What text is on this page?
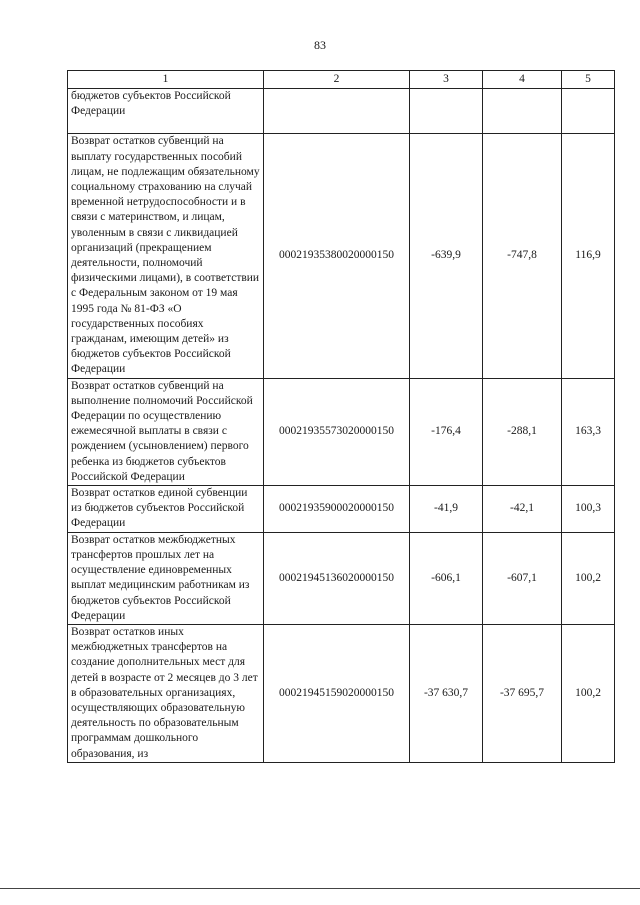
83
1	2	3	4	5
бюджетов субъектов Российской Федерации				
Возврат остатков субвенций на выплату государственных пособий лицам, не подлежащим обязательному социальному страхованию на случай временной нетрудоспособности и в связи с материнством, и лицам, уволенным в связи с ликвидацией организаций (прекращением деятельности, полномочий физическими лицами), в соответствии с Федеральным законом от 19 мая 1995 года № 81-ФЗ «О государственных пособиях гражданам, имеющим детей» из бюджетов субъектов Российской Федерации	00021935380020000150	-639,9	-747,8	116,9
Возврат остатков субвенций на выполнение полномочий Российской Федерации по осуществлению ежемесячной выплаты в связи с рождением (усыновлением) первого ребенка из бюджетов субъектов Российской Федерации	00021935573020000150	-176,4	-288,1	163,3
Возврат остатков единой субвенции из бюджетов субъектов Российской Федерации	00021935900020000150	-41,9	-42,1	100,3
Возврат остатков межбюджетных трансфертов прошлых лет на осуществление единовременных выплат медицинским работникам из бюджетов субъектов Российской Федерации	00021945136020000150	-606,1	-607,1	100,2
Возврат остатков иных межбюджетных трансфертов на создание дополнительных мест для детей в возрасте от 2 месяцев до 3 лет в образовательных организациях, осуществляющих образовательную деятельность по образовательным программам дошкольного образования, из	00021945159020000150	-37 630,7	-37 695,7	100,2
